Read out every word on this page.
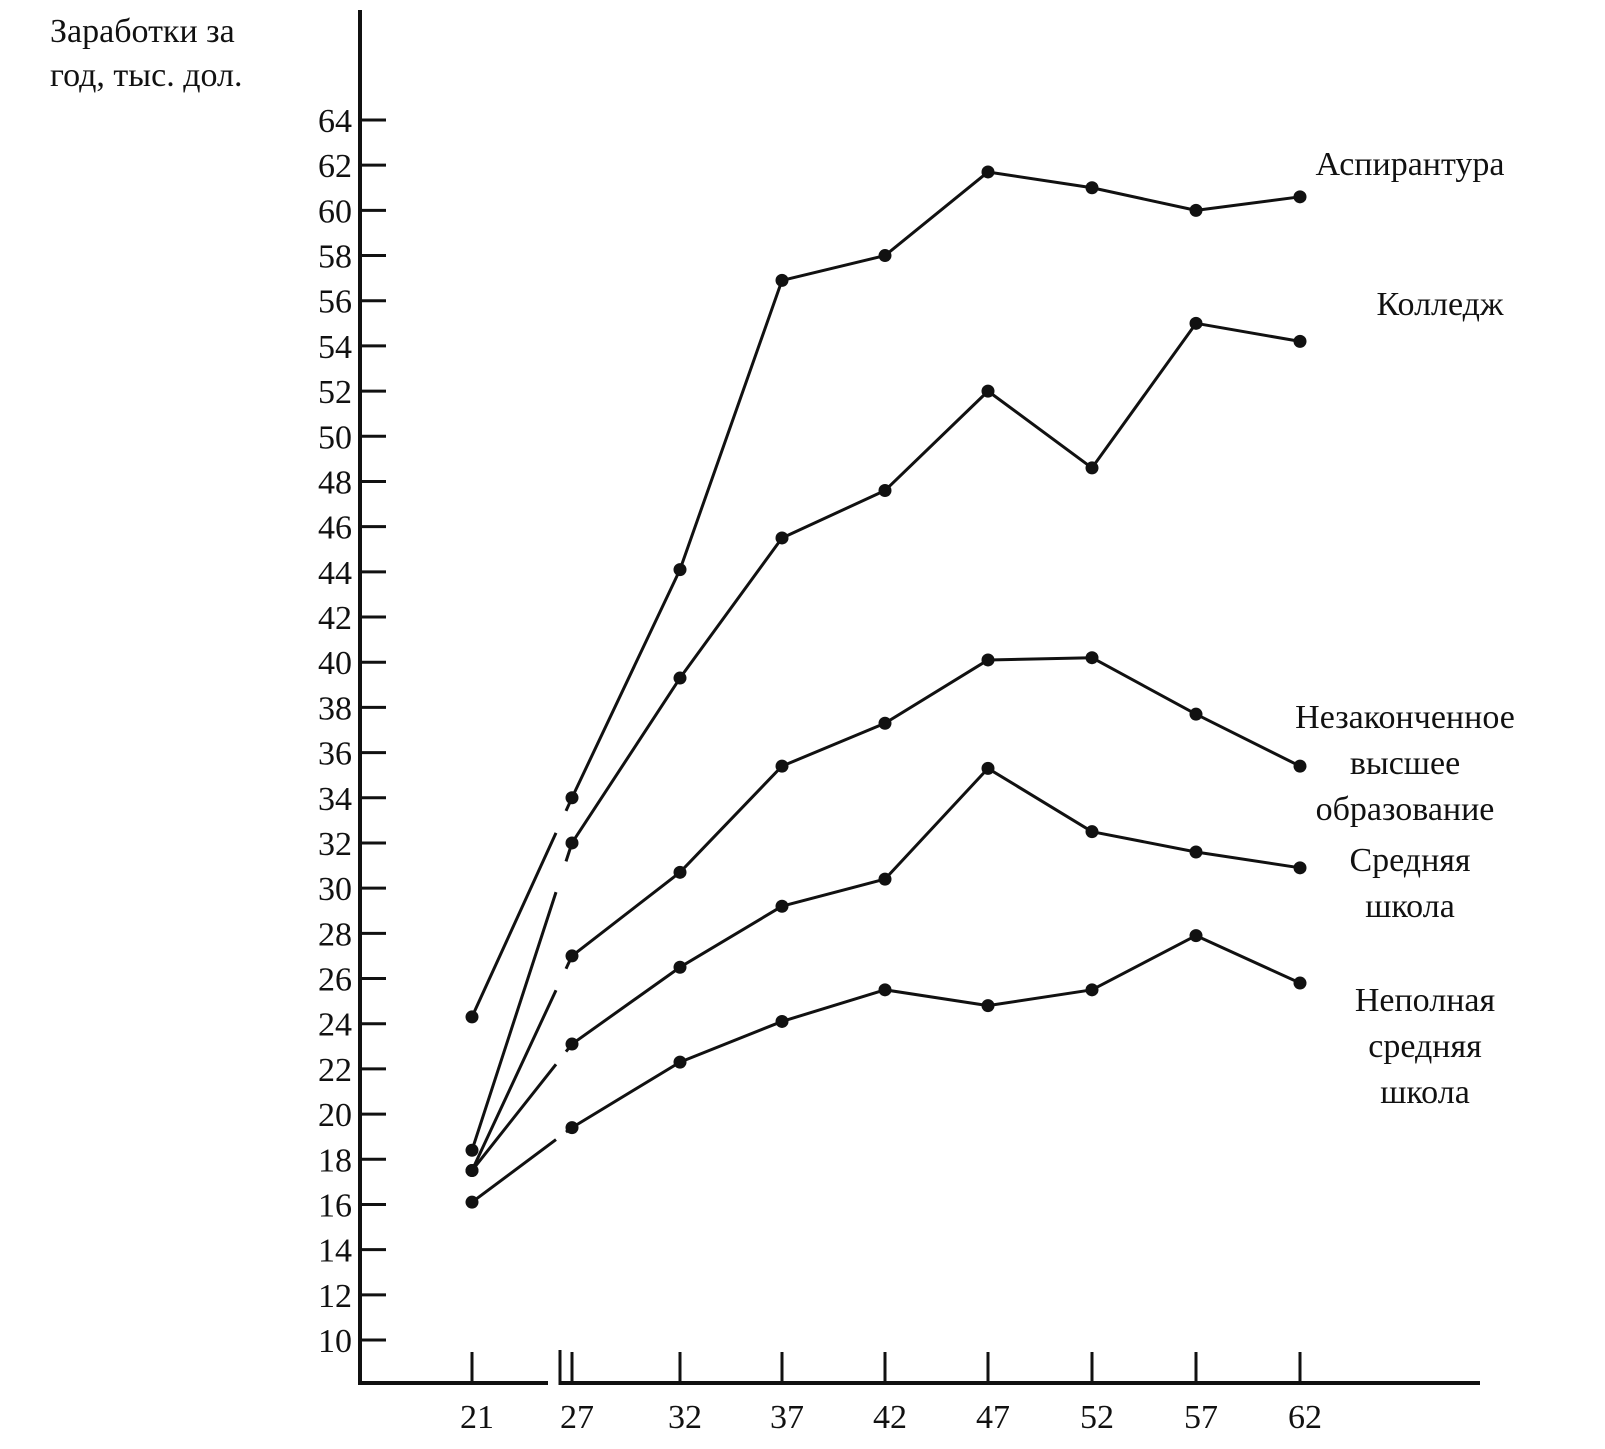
10
12
14
16
18
20
22
24
26
28
30
32
34
36
38
40
42
44
46
48
50
52
54
56
58
60
62
64
21 27 32 37 42 47 52 57 62
Заработки за
год, тыс. дол.
Аспирантура
Колледж
Незаконченное
высшее
образование
Средняя
школа
Неполная
средняя
школа
